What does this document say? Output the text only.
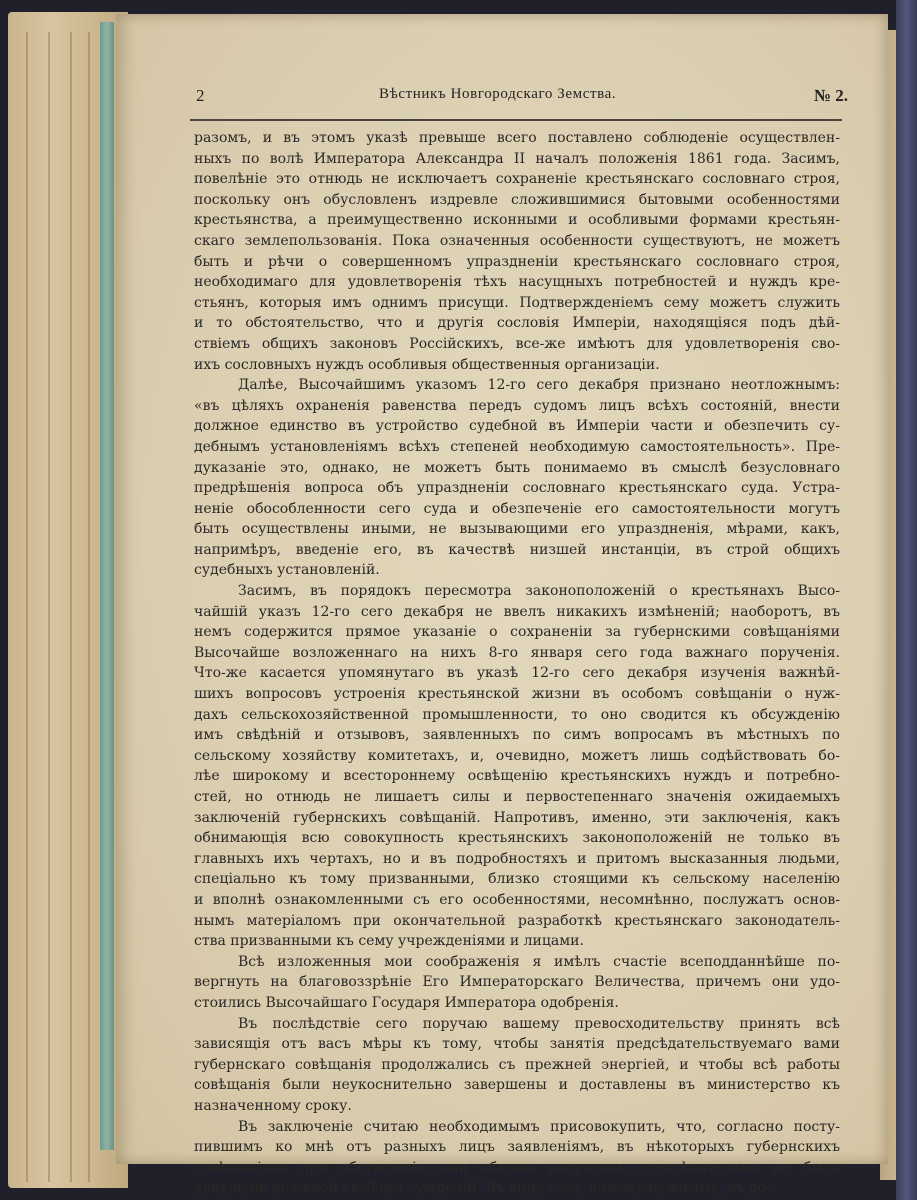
2	Вѣстникъ Новгородскаго Земства.	№ 2.
разомъ, и въ этомъ указѣ превыше всего поставлено соблюденіе осуществлен-
ныхъ по волѣ Императора Александра II началъ положенія 1861 года. Засимъ,
повелѣніе это отнюдь не исключаетъ сохраненіе крестьянскаго сословнаго строя,
поскольку онъ обусловленъ издревле сложившимися бытовыми особенностями
крестьянства, а преимущественно исконными и особливыми формами крестьян-
скаго землепользованія. Пока означенныя особенности существуютъ, не можетъ
быть и рѣчи о совершенномъ упраздненіи крестьянскаго сословнаго строя,
необходимаго для удовлетворенія тѣхъ насущныхъ потребностей и нуждъ кре-
стьянъ, которыя имъ однимъ присущи. Подтвержденіемъ сему можетъ служить
и то обстоятельство, что и другія сословія Имперіи, находящіяся подъ дѣй-
ствіемъ общихъ законовъ Россійскихъ, все-же имѣютъ для удовлетворенія сво-
ихъ сословныхъ нуждъ особливыя общественныя организаціи.
Далѣе, Высочайшимъ указомъ 12-го сего декабря признано неотложнымъ:
«въ цѣляхъ охраненія равенства передъ судомъ лицъ всѣхъ состояній, внести
должное единство въ устройство судебной въ Имперіи части и обезпечить су-
дебнымъ установленіямъ всѣхъ степеней необходимую самостоятельность». Пре-
дуказаніе это, однако, не можетъ быть понимаемо въ смыслѣ безусловнаго
предрѣшенія вопроса объ упраздненіи сословнаго крестьянскаго суда. Устра-
неніе обособленности сего суда и обезпеченіе его самостоятельности могутъ
быть осуществлены иными, не вызывающими его упраздненія, мѣрами, какъ,
напримѣръ, введеніе его, въ качествѣ низшей инстанціи, въ строй общихъ
судебныхъ установленій.
Засимъ, въ порядокъ пересмотра законоположеній о крестьянахъ Высо-
чайшій указъ 12-го сего декабря не ввелъ никакихъ измѣненій; наоборотъ, въ
немъ содержится прямое указаніе о сохраненіи за губернскими совѣщаніями
Высочайше возложеннаго на нихъ 8-го января сего года важнаго порученія.
Что-же касается упомянутаго въ указѣ 12-го сего декабря изученія важнѣй-
шихъ вопросовъ устроенія крестьянской жизни въ особомъ совѣщаніи о нуж-
дахъ сельскохозяйственной промышленности, то оно сводится къ обсужденію
имъ свѣдѣній и отзывовъ, заявленныхъ по симъ вопросамъ въ мѣстныхъ по
сельскому хозяйству комитетахъ, и, очевидно, можетъ лишь содѣйствовать бо-
лѣе широкому и всестороннему освѣщенію крестьянскихъ нуждъ и потребно-
стей, но отнюдь не лишаетъ силы и первостепеннаго значенія ожидаемыхъ
заключеній губернскихъ совѣщаній. Напротивъ, именно, эти заключенія, какъ
обнимающія всю совокупность крестьянскихъ законоположеній не только въ
главныхъ ихъ чертахъ, но и въ подробностяхъ и притомъ высказанныя людьми,
спеціально къ тому призванными, близко стоящими къ сельскому населенію
и вполнѣ ознакомленными съ его особенностями, несомнѣнно, послужатъ основ-
нымъ матеріаломъ при окончательной разработкѣ крестьянскаго законодатель-
ства призванными къ сему учрежденіями и лицами.
Всѣ изложенныя мои соображенія я имѣлъ счастіе всеподданнѣйше по-
вергнуть на благовоззрѣніе Его Императорскаго Величества, причемъ они удо-
стоились Высочайшаго Государя Императора одобренія.
Въ послѣдствіе сего поручаю вашему превосходительству принять всѣ
зависящія отъ васъ мѣры къ тому, чтобы занятія предсѣдательствуемаго вами
губернскаго совѣщанія продолжались съ прежней энергіей, и чтобы всѣ работы
совѣщанія были неукоснительно завершены и доставлены въ министерство къ
назначенному сроку.
Въ заключеніе считаю необходимымъ присовокупить, что, согласно посту-
пившимъ ко мнѣ отъ разныхъ лицъ заявленіямъ, въ нѣкоторыхъ губернскихъ
совѣщаніяхъ при обсужденіи ими общихъ вопросовъ предсѣдателями не было
допущено должной свободы сужденій. Въ виду сего, нахожу нужнымъ, въ до-
